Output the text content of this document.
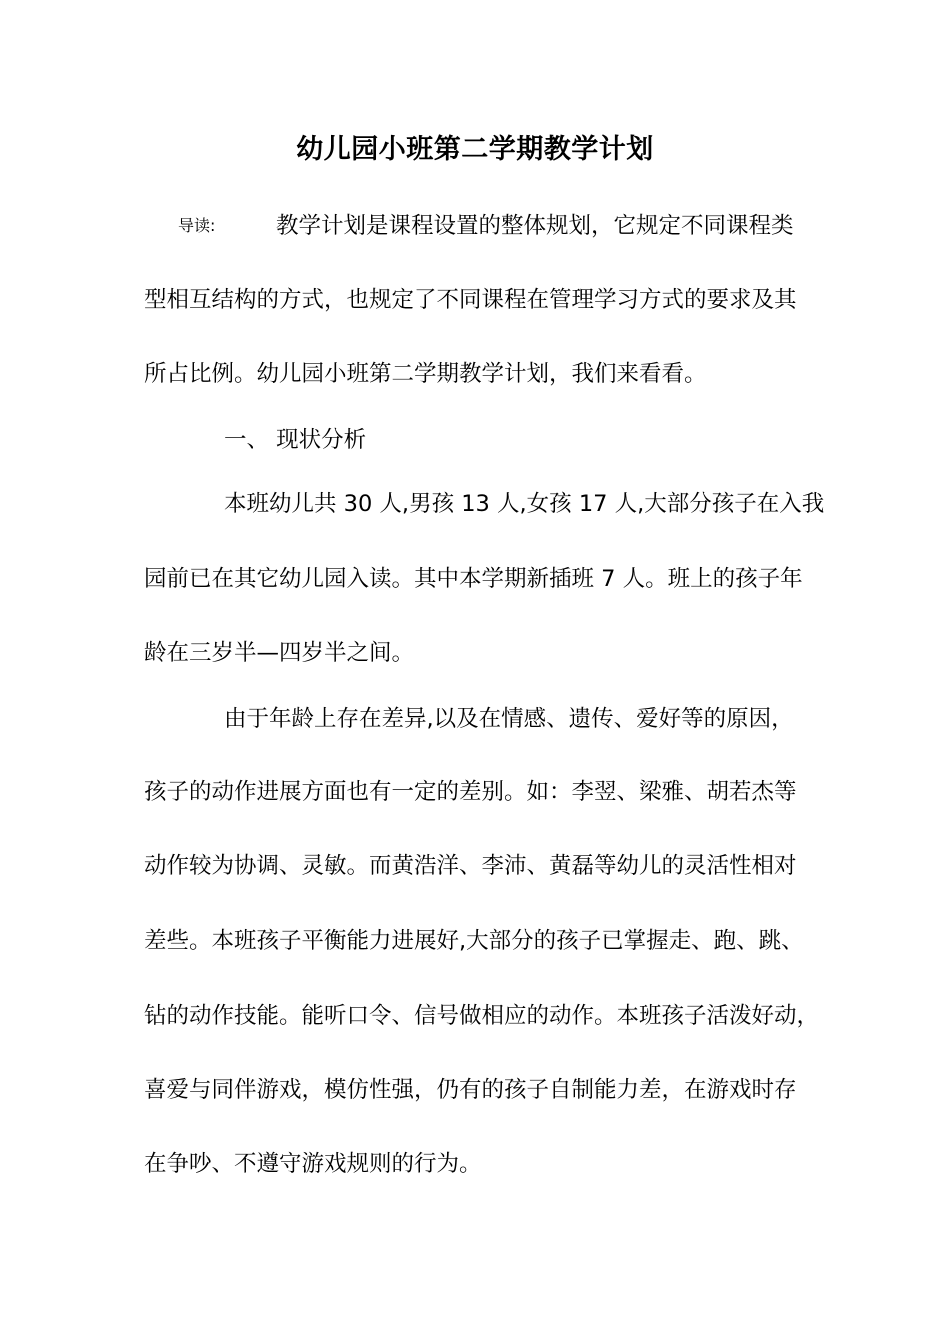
幼儿园小班第二学期教学计划
导读:	教学计划是课程设置的整体规划，它规定不同课程类
型相互结构的方式，也规定了不同课程在管理学习方式的要求及其
所占比例。幼儿园小班第二学期教学计划，我们来看看。
一、 现状分析
本班幼儿共 30 人,男孩 13 人,女孩 17 人,大部分孩子在入我
园前已在其它幼儿园入读。其中本学期新插班 7 人。班上的孩子年
龄在三岁半—四岁半之间。
由于年龄上存在差异,以及在情感、遗传、爱好等的原因，
孩子的动作进展方面也有一定的差别。如：李翌、梁雅、胡若杰等
动作较为协调、灵敏。而黄浩洋、李沛、黄磊等幼儿的灵活性相对
差些。本班孩子平衡能力进展好,大部分的孩子已掌握走、跑、跳、
钻的动作技能。能听口令、信号做相应的动作。本班孩子活泼好动，
喜爱与同伴游戏，模仿性强，仍有的孩子自制能力差，在游戏时存
在争吵、不遵守游戏规则的行为。
